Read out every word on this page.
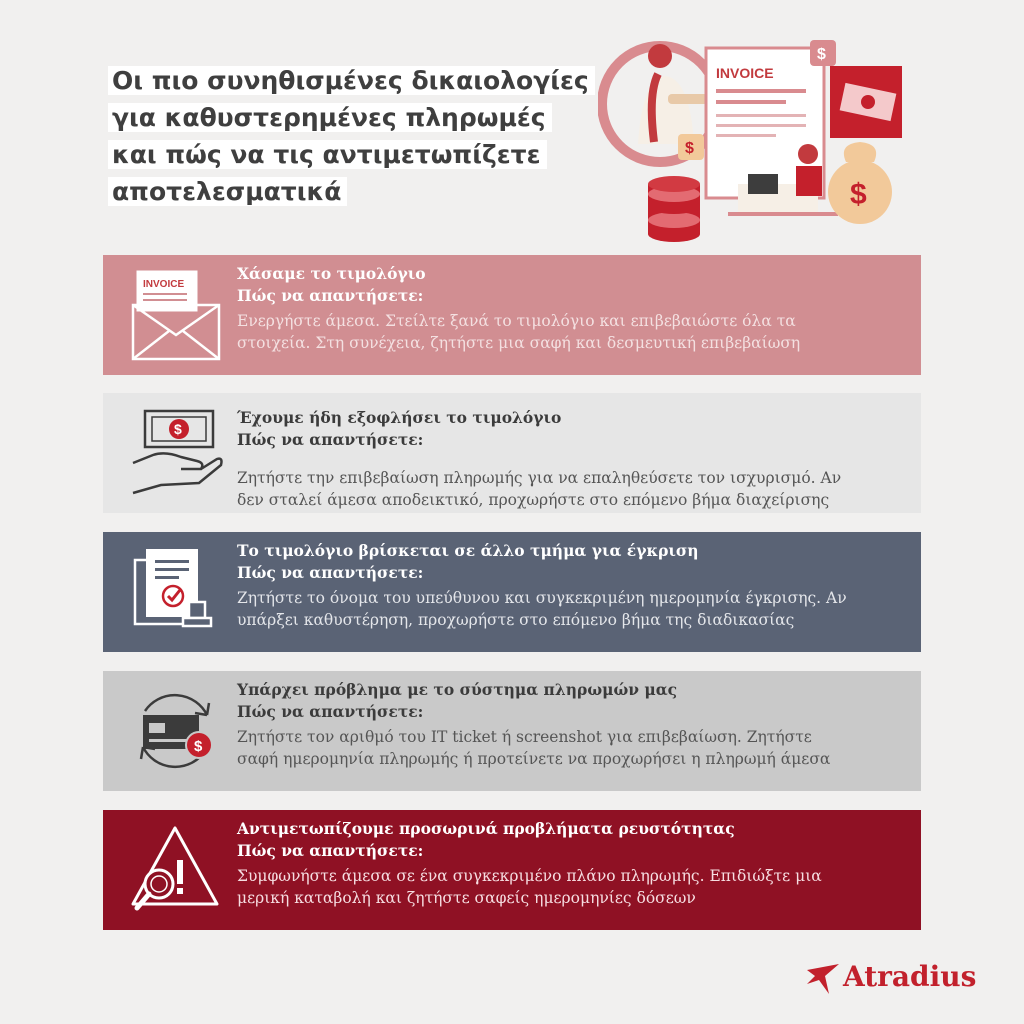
Οι πιο συνηθισμένες δικαιολογίες
για καθυστερημένες πληρωμές
και πώς να τις αντιμετωπίζετε
αποτελεσματικά
INVOICE
$
$
$
INVOICE
Χάσαμε το τιμολόγιο
Πώς να απαντήσετε:
Ενεργήστε άμεσα. Στείλτε ξανά το τιμολόγιο και επιβεβαιώστε όλα τα
στοιχεία. Στη συνέχεια, ζητήστε μια σαφή και δεσμευτική επιβεβαίωση
$
Έχουμε ήδη εξοφλήσει το τιμολόγιο
Πώς να απαντήσετε:
Ζητήστε την επιβεβαίωση πληρωμής για να επαληθεύσετε τον ισχυρισμό. Αν
δεν σταλεί άμεσα αποδεικτικό, προχωρήστε στο επόμενο βήμα διαχείρισης
Το τιμολόγιο βρίσκεται σε άλλο τμήμα για έγκριση
Πώς να απαντήσετε:
Ζητήστε το όνομα του υπεύθυνου και συγκεκριμένη ημερομηνία έγκρισης. Αν
υπάρξει καθυστέρηση, προχωρήστε στο επόμενο βήμα της διαδικασίας
$
Υπάρχει πρόβλημα με το σύστημα πληρωμών μας
Πώς να απαντήσετε:
Ζητήστε τον αριθμό του IT ticket ή screenshot για επιβεβαίωση. Ζητήστε
σαφή ημερομηνία πληρωμής ή προτείνετε να προχωρήσει η πληρωμή άμεσα
Αντιμετωπίζουμε προσωρινά προβλήματα ρευστότητας
Πώς να απαντήσετε:
Συμφωνήστε άμεσα σε ένα συγκεκριμένο πλάνο πληρωμής. Επιδιώξτε μια
μερική καταβολή και ζητήστε σαφείς ημερομηνίες δόσεων
Atradius
